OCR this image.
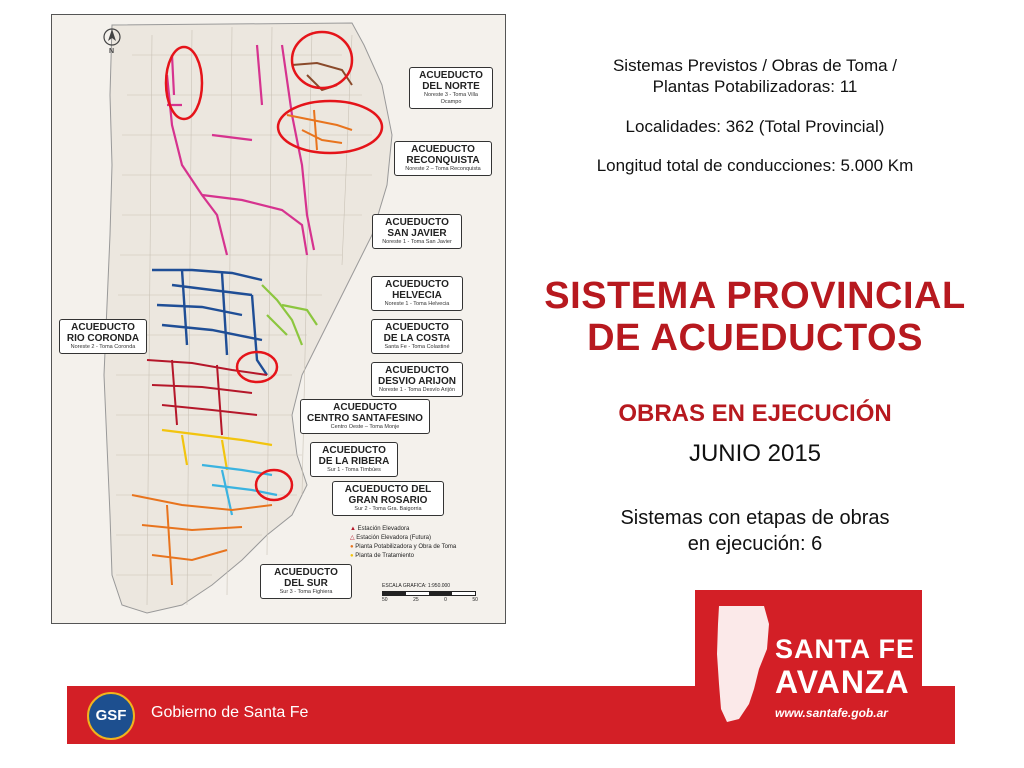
ACUEDUCTO
DEL NORTE
Noreste 3 - Toma Villa Ocampo
ACUEDUCTO
RECONQUISTA
Noreste 2 – Toma Reconquista
ACUEDUCTO
SAN JAVIER
Noreste 1 - Toma San Javier
ACUEDUCTO
HELVECIA
Noreste 1 - Toma Helvecia
ACUEDUCTO
DE LA COSTA
Santa Fe - Toma Colastiné
ACUEDUCTO
DESVIO ARIJON
Noreste 1 - Toma Desvío Arijón
ACUEDUCTO
CENTRO SANTAFESINO
Centro Oeste – Toma Monje
ACUEDUCTO
DE LA RIBERA
Sur 1 - Toma Timbúes
ACUEDUCTO DEL
GRAN ROSARIO
Sur 2 - Toma Gra. Baigorria
ACUEDUCTO
DEL SUR
Sur 3 - Toma Fighiera
ACUEDUCTO
RIO CORONDA
Noreste 2 - Toma Coronda
▲ Estación Elevadora
△ Estación Elevadora (Futura)
● Planta Potabilizadora y Obra de Toma
● Planta de Tratamiento
ESCALA GRAFICA: 1:950.000
50	25	0	50
N
Sistemas Previstos / Obras de Toma /
Plantas Potabilizadoras: 11
Localidades: 362 (Total Provincial)
Longitud total de conducciones: 5.000 Km
SISTEMA PROVINCIAL
DE ACUEDUCTOS
OBRAS EN EJECUCIÓN
JUNIO 2015
Sistemas con etapas de obras
en ejecución: 6
GSF	Gobierno de Santa Fe
SANTA FE
AVANZA
www.santafe.gob.ar
